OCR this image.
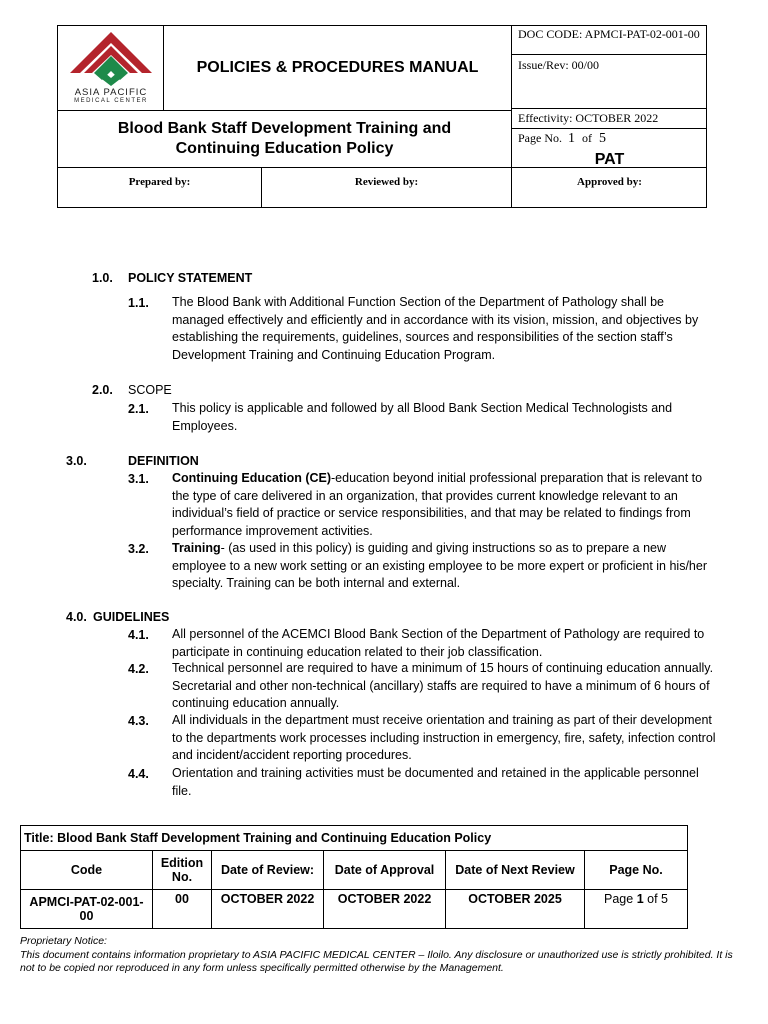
ASIA PACIFIC
MEDICAL CENTER
POLICIES & PROCEDURES MANUAL
DOC CODE: APMCI-PAT-02-001-00
Issue/Rev: 00/00
Effectivity: OCTOBER 2022
Page No. 1 of 5
PAT
Blood Bank Staff Development Training and Continuing Education Policy
Prepared by:	Reviewed by:	Approved by:
1.0. POLICY STATEMENT
1.1. The Blood Bank with Additional Function Section of the Department of Pathology shall be managed effectively and efficiently and in accordance with its vision, mission, and objectives by establishing the requirements, guidelines, sources and responsibilities of the section staff’s Development Training and Continuing Education Program.
2.0. SCOPE
2.1. This policy is applicable and followed by all Blood Bank Section Medical Technologists and Employees.
3.0.	DEFINITION
3.1. Continuing Education (CE)-education beyond initial professional preparation that is relevant to the type of care delivered in an organization, that provides current knowledge relevant to an individual’s field of practice or service responsibilities, and that may be related to findings from performance improvement activities.
3.2. Training- (as used in this policy) is guiding and giving instructions so as to prepare a new employee to a new work setting or an existing employee to be more expert or proficient in his/her specialty. Training can be both internal and external.
4.0. GUIDELINES
4.1. All personnel of the ACEMCI Blood Bank Section of the Department of Pathology are required to participate in continuing education related to their job classification.
4.2. Technical personnel are required to have a minimum of 15 hours of continuing education annually. Secretarial and other non-technical (ancillary) staffs are required to have a minimum of 6 hours of continuing education annually.
4.3. All individuals in the department must receive orientation and training as part of their development to the departments work processes including instruction in emergency, fire, safety, infection control and incident/accident reporting procedures.
4.4. Orientation and training activities must be documented and retained in the applicable personnel file.
Title: Blood Bank Staff Development Training and Continuing Education Policy					
Code	Edition No.	Date of Review:	Date of Approval	Date of Next Review	Page No.
APMCI-PAT-02-001-00	00	OCTOBER 2022	OCTOBER 2022	OCTOBER 2025	Page 1 of 5
Proprietary Notice:
This document contains information proprietary to ASIA PACIFIC MEDICAL CENTER – Iloilo. Any disclosure or unauthorized use is strictly prohibited. It is not to be copied nor reproduced in any form unless specifically permitted otherwise by the Management.
